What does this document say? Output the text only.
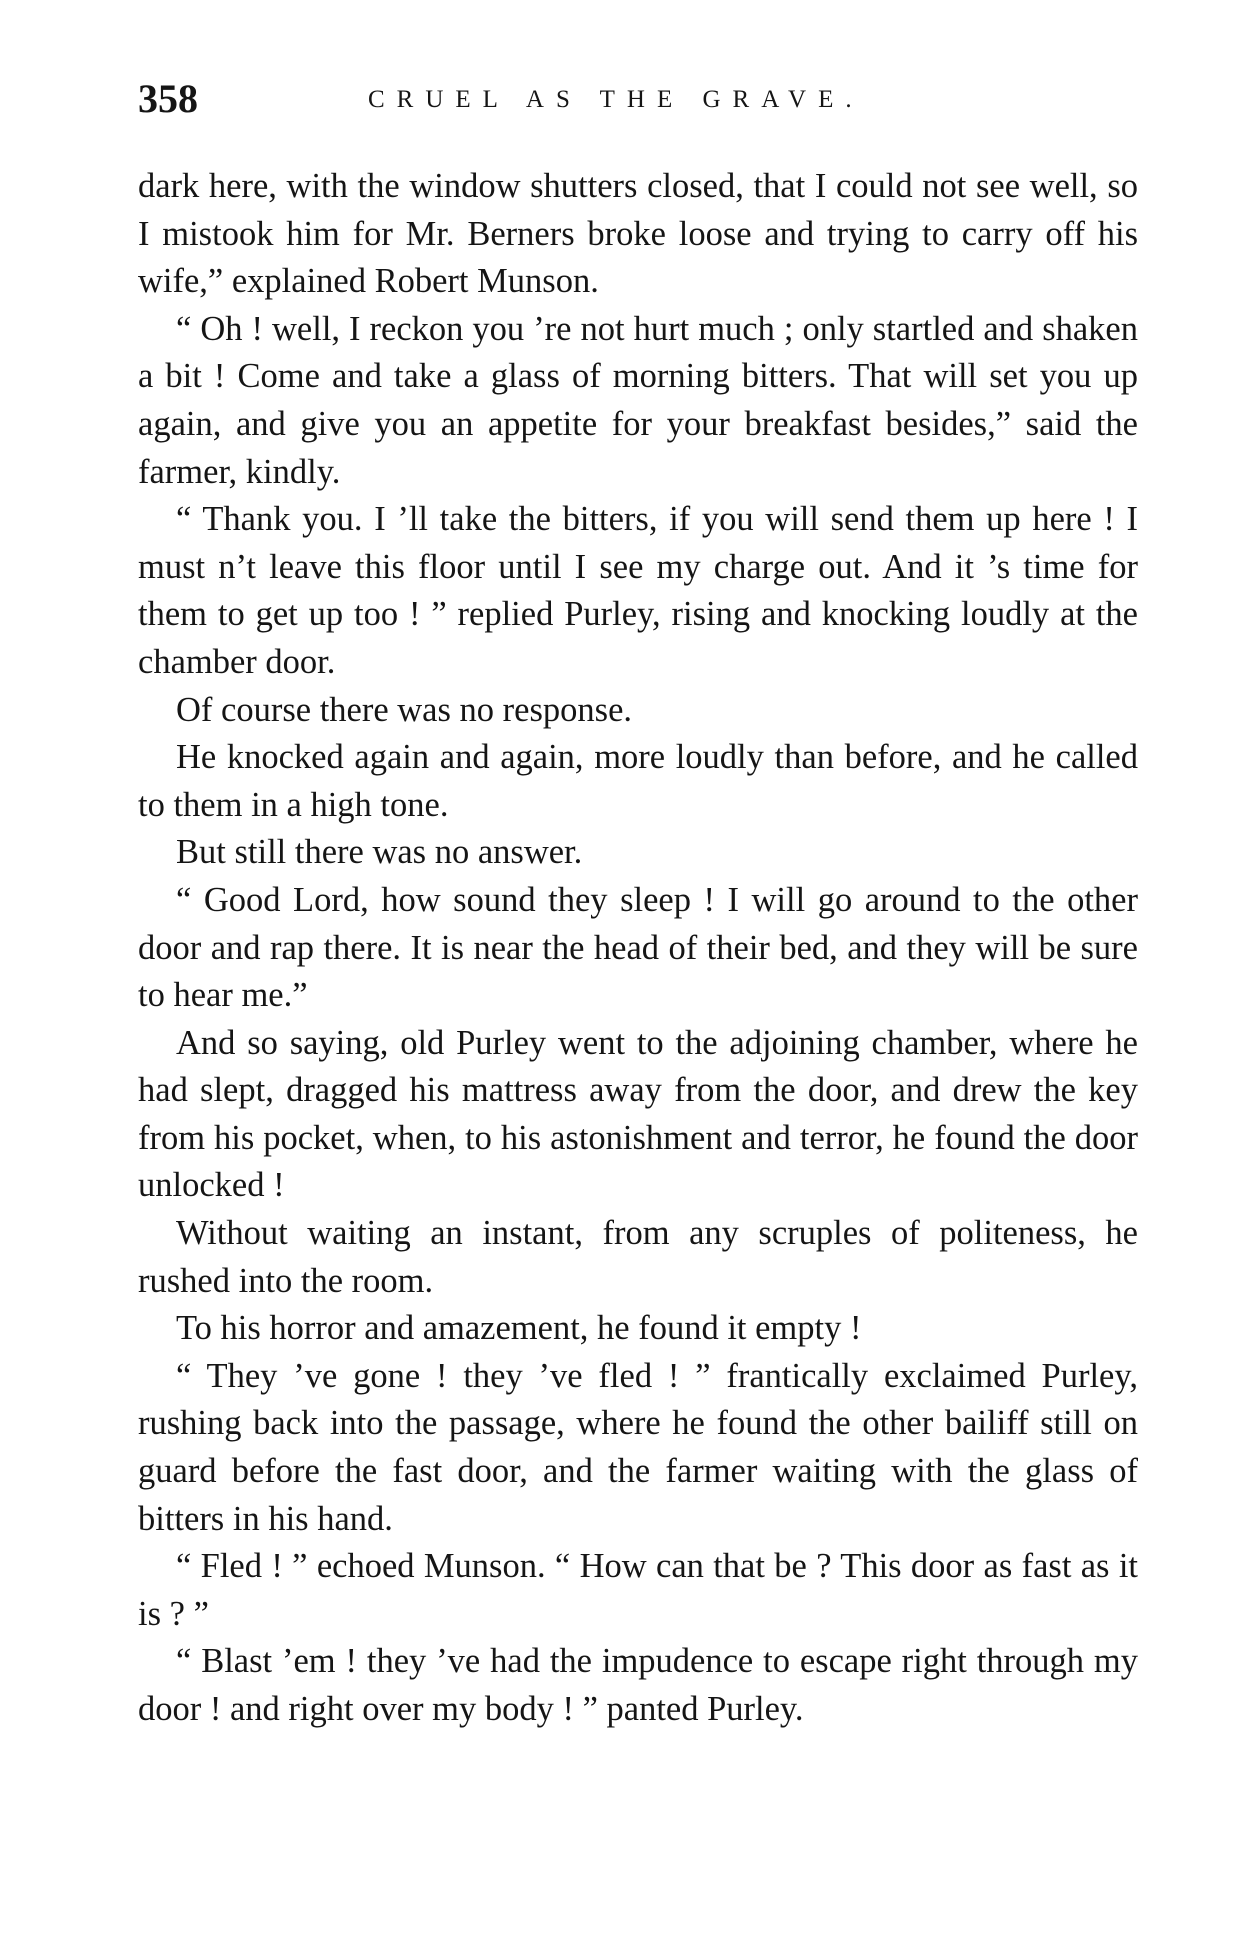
358	CRUEL AS THE GRAVE.

dark here, with the window shutters closed, that I could not see well, so I mistook him for Mr. Berners broke loose and trying to carry off his wife,” explained Robert Munson.

“ Oh ! well, I reckon you ’re not hurt much ; only startled and shaken a bit ! Come and take a glass of morning bitters. That will set you up again, and give you an appetite for your breakfast besides,” said the farmer, kindly.

“ Thank you. I ’ll take the bitters, if you will send them up here ! I must n’t leave this floor until I see my charge out. And it ’s time for them to get up too ! ” replied Purley, rising and knocking loudly at the chamber door.

Of course there was no response.

He knocked again and again, more loudly than before, and he called to them in a high tone.

But still there was no answer.

“ Good Lord, how sound they sleep ! I will go around to the other door and rap there. It is near the head of their bed, and they will be sure to hear me.”

And so saying, old Purley went to the adjoining chamber, where he had slept, dragged his mattress away from the door, and drew the key from his pocket, when, to his astonishment and terror, he found the door unlocked !

Without waiting an instant, from any scruples of politeness, he rushed into the room.

To his horror and amazement, he found it empty !

“ They ’ve gone ! they ’ve fled ! ” frantically exclaimed Purley, rushing back into the passage, where he found the other bailiff still on guard before the fast door, and the farmer waiting with the glass of bitters in his hand.

“ Fled ! ” echoed Munson. “ How can that be ? This door as fast as it is ? ”

“ Blast ’em ! they ’ve had the impudence to escape right through my door ! and right over my body ! ” panted Purley.
